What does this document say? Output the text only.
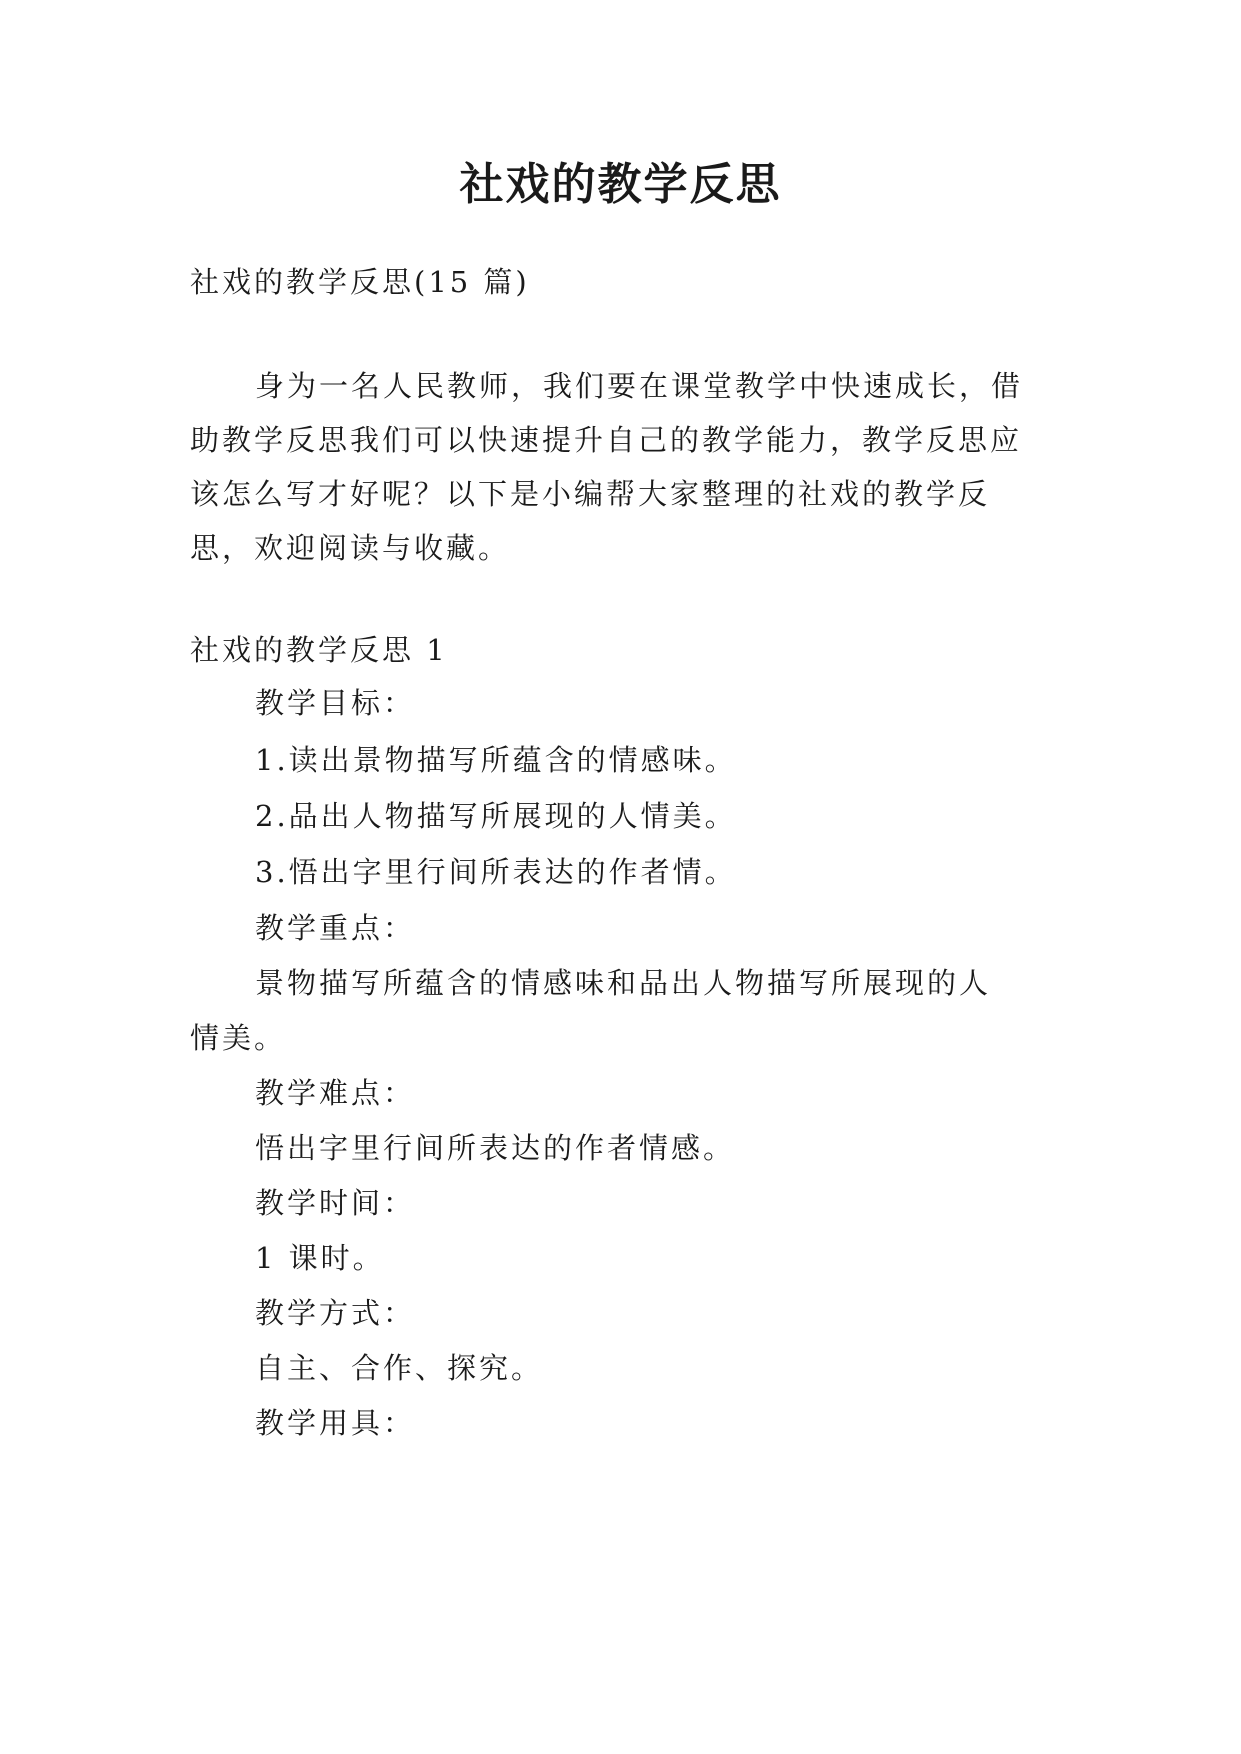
社戏的教学反思
社戏的教学反思(15 篇)
身为一名人民教师，我们要在课堂教学中快速成长，借
助教学反思我们可以快速提升自己的教学能力，教学反思应
该怎么写才好呢？以下是小编帮大家整理的社戏的教学反
思，欢迎阅读与收藏。
社戏的教学反思 1
教学目标：
1.读出景物描写所蕴含的情感味。
2.品出人物描写所展现的人情美。
3.悟出字里行间所表达的作者情。
教学重点：
景物描写所蕴含的情感味和品出人物描写所展现的人
情美。
教学难点：
悟出字里行间所表达的作者情感。
教学时间：
1 课时。
教学方式：
自主、合作、探究。
教学用具：
